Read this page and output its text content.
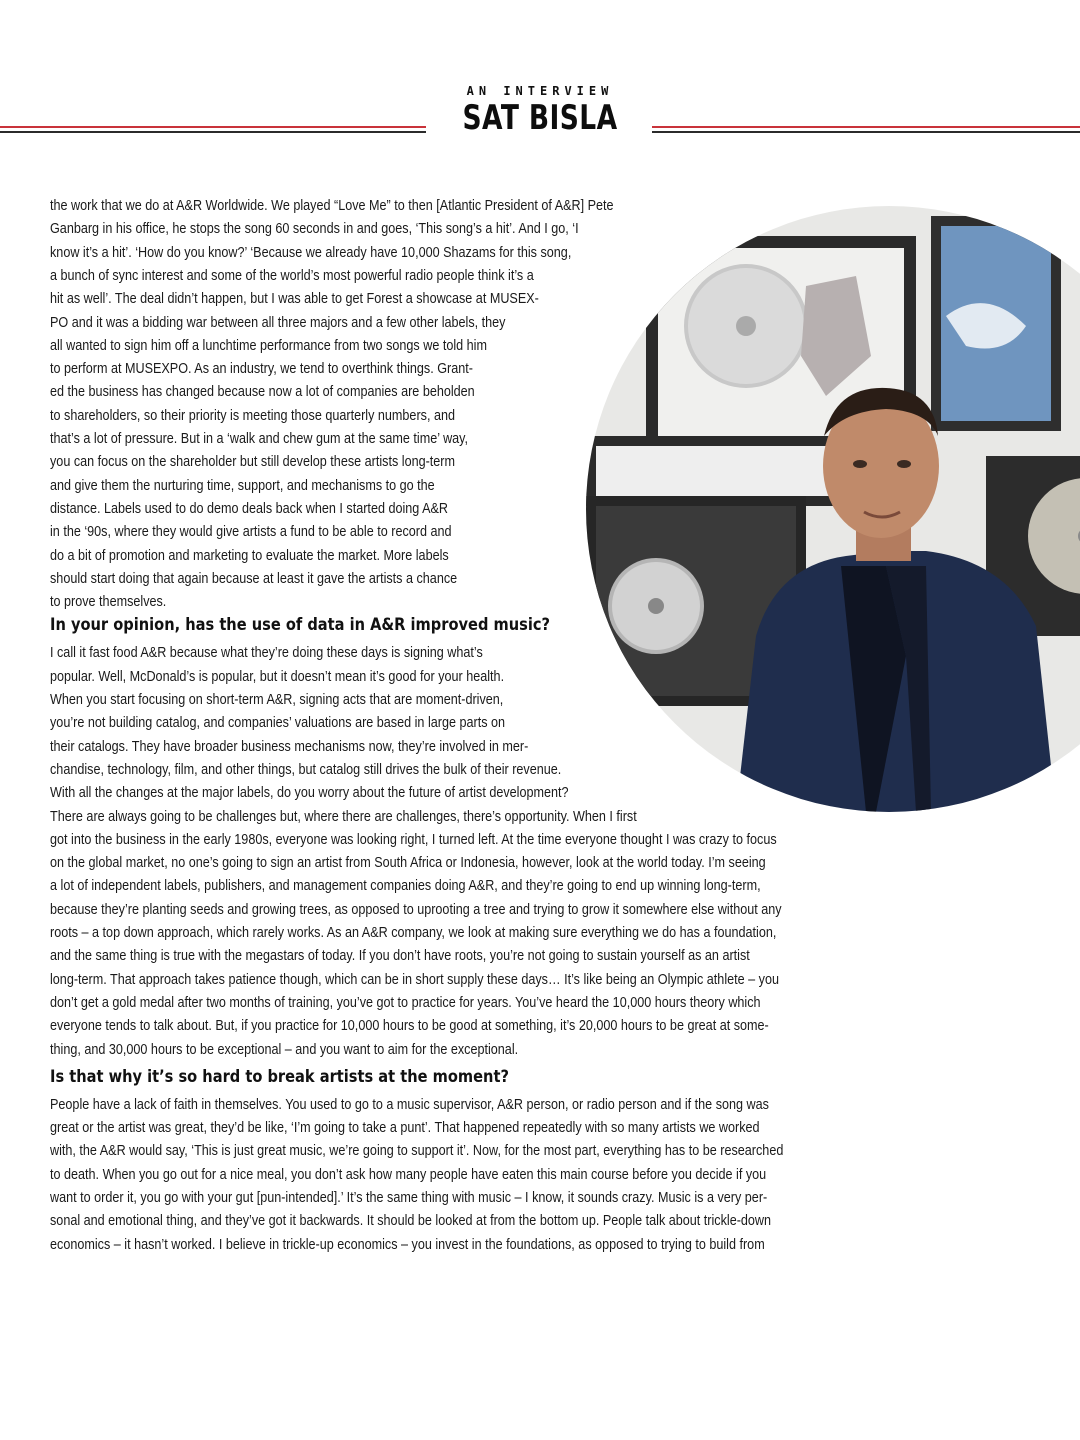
AN INTERVIEW
SAT BISLA
the work that we do at A&R Worldwide. We played “Love Me” to then [Atlantic President of A&R] Pete
Ganbarg in his office, he stops the song 60 seconds in and goes, ‘This song’s a hit’. And I go, ‘I
know it’s a hit’. ‘How do you know?’ ‘Because we already have 10,000 Shazams for this song,
a bunch of sync interest and some of the world’s most powerful radio people think it’s a
hit as well’. The deal didn’t happen, but I was able to get Forest a showcase at MUSEX-
PO and it was a bidding war between all three majors and a few other labels, they
all wanted to sign him off a lunchtime performance from two songs we told him
to perform at MUSEXPO. As an industry, we tend to overthink things. Grant-
ed the business has changed because now a lot of companies are beholden
to shareholders, so their priority is meeting those quarterly numbers, and
that’s a lot of pressure. But in a ‘walk and chew gum at the same time’ way,
you can focus on the shareholder but still develop these artists long-term
and give them the nurturing time, support, and mechanisms to go the
distance. Labels used to do demo deals back when I started doing A&R
in the ‘90s, where they would give artists a fund to be able to record and
do a bit of promotion and marketing to evaluate the market. More labels
should start doing that again because at least it gave the artists a chance
to prove themselves.
In your opinion, has the use of data in A&R improved music?
I call it fast food A&R because what they’re doing these days is signing what’s
popular. Well, McDonald’s is popular, but it doesn’t mean it’s good for your health.
When you start focusing on short-term A&R, signing acts that are moment-driven,
you’re not building catalog, and companies’ valuations are based in large parts on
their catalogs. They have broader business mechanisms now, they’re involved in mer-
chandise, technology, film, and other things, but catalog still drives the bulk of their revenue.
With all the changes at the major labels, do you worry about the future of artist development?
There are always going to be challenges but, where there are challenges, there’s opportunity. When I first
got into the business in the early 1980s, everyone was looking right, I turned left. At the time everyone thought I was crazy to focus
on the global market, no one’s going to sign an artist from South Africa or Indonesia, however, look at the world today. I’m seeing
a lot of independent labels, publishers, and management companies doing A&R, and they’re going to end up winning long-term,
because they’re planting seeds and growing trees, as opposed to uprooting a tree and trying to grow it somewhere else without any
roots – a top down approach, which rarely works. As an A&R company, we look at making sure everything we do has a foundation,
and the same thing is true with the megastars of today. If you don’t have roots, you’re not going to sustain yourself as an artist
long-term. That approach takes patience though, which can be in short supply these days… It’s like being an Olympic athlete – you
don’t get a gold medal after two months of training, you’ve got to practice for years. You’ve heard the 10,000 hours theory which
everyone tends to talk about. But, if you practice for 10,000 hours to be good at something, it’s 20,000 hours to be great at some-
thing, and 30,000 hours to be exceptional – and you want to aim for the exceptional.
Is that why it’s so hard to break artists at the moment?
People have a lack of faith in themselves. You used to go to a music supervisor, A&R person, or radio person and if the song was
great or the artist was great, they’d be like, ‘I’m going to take a punt’. That happened repeatedly with so many artists we worked
with, the A&R would say, ‘This is just great music, we’re going to support it’. Now, for the most part, everything has to be researched
to death. When you go out for a nice meal, you don’t ask how many people have eaten this main course before you decide if you
want to order it, you go with your gut [pun-intended].’ It’s the same thing with music – I know, it sounds crazy. Music is a very per-
sonal and emotional thing, and they’ve got it backwards. It should be looked at from the bottom up. People talk about trickle-down
economics – it hasn’t worked. I believe in trickle-up economics – you invest in the foundations, as opposed to trying to build from
